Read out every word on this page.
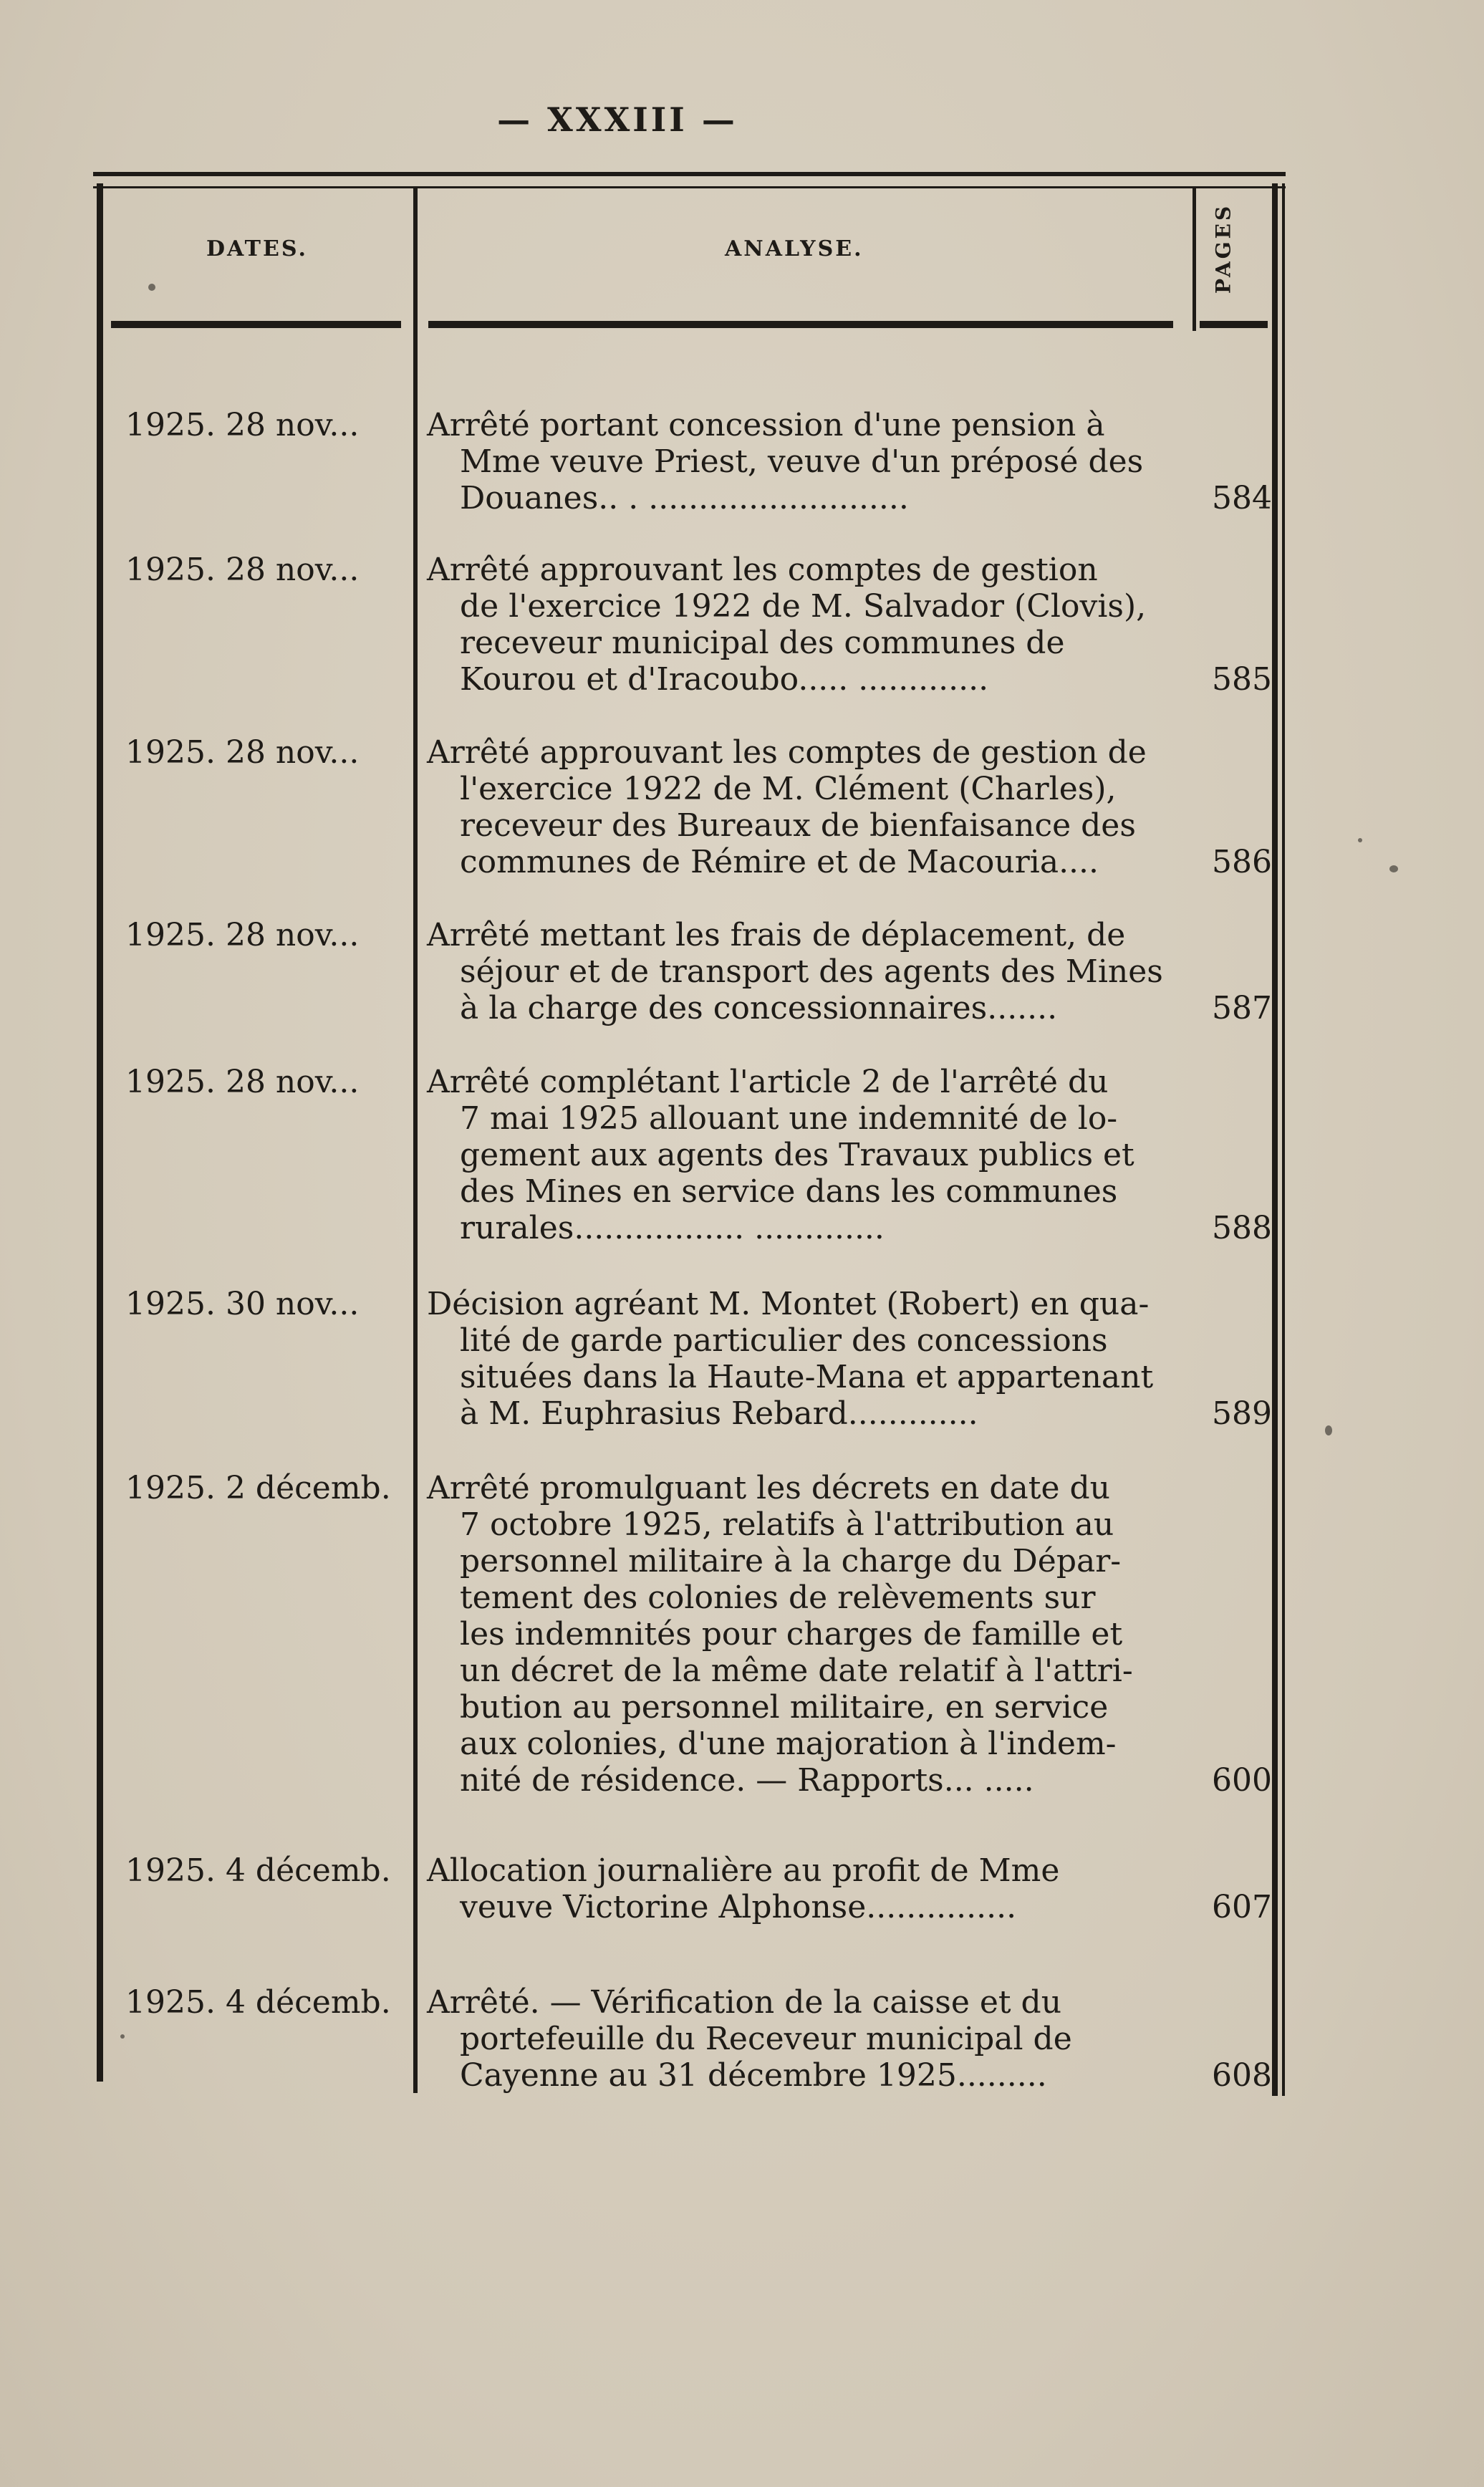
— XXXIII —
DATES.	ANALYSE.	PAGES
1925. 28 nov...	Arrêté portant concession d'une pension à
Mme veuve Priest, veuve d'un préposé des
Douanes.. . ..........................	584
1925. 28 nov...	Arrêté approuvant les comptes de gestion
de l'exercice 1922 de M. Salvador (Clovis),
receveur municipal des communes de
Kourou et d'Iracoubo..... .............	585
1925. 28 nov...	Arrêté approuvant les comptes de gestion de
l'exercice 1922 de M. Clément (Charles),
receveur des Bureaux de bienfaisance des
communes de Rémire et de Macouria....	586
1925. 28 nov...	Arrêté mettant les frais de déplacement, de
séjour et de transport des agents des Mines
à la charge des concessionnaires.......	587
1925. 28 nov...	Arrêté complétant l'article 2 de l'arrêté du
7 mai 1925 allouant une indemnité de lo-
gement aux agents des Travaux publics et
des Mines en service dans les communes
rurales................. .............	588
1925. 30 nov...	Décision agréant M. Montet (Robert) en qua-
lité de garde particulier des concessions
situées dans la Haute-Mana et appartenant
à M. Euphrasius Rebard.............	589
1925. 2 décemb.	Arrêté promulguant les décrets en date du
7 octobre 1925, relatifs à l'attribution au
personnel militaire à la charge du Dépar-
tement des colonies de relèvements sur
les indemnités pour charges de famille et
un décret de la même date relatif à l'attri-
bution au personnel militaire, en service
aux colonies, d'une majoration à l'indem-
nité de résidence. — Rapports... .....	600
1925. 4 décemb.	Allocation journalière au profit de Mme
veuve Victorine Alphonse...............	607
1925. 4 décemb.	Arrêté. — Vérification de la caisse et du
portefeuille du Receveur municipal de
Cayenne au 31 décembre 1925.........	608
